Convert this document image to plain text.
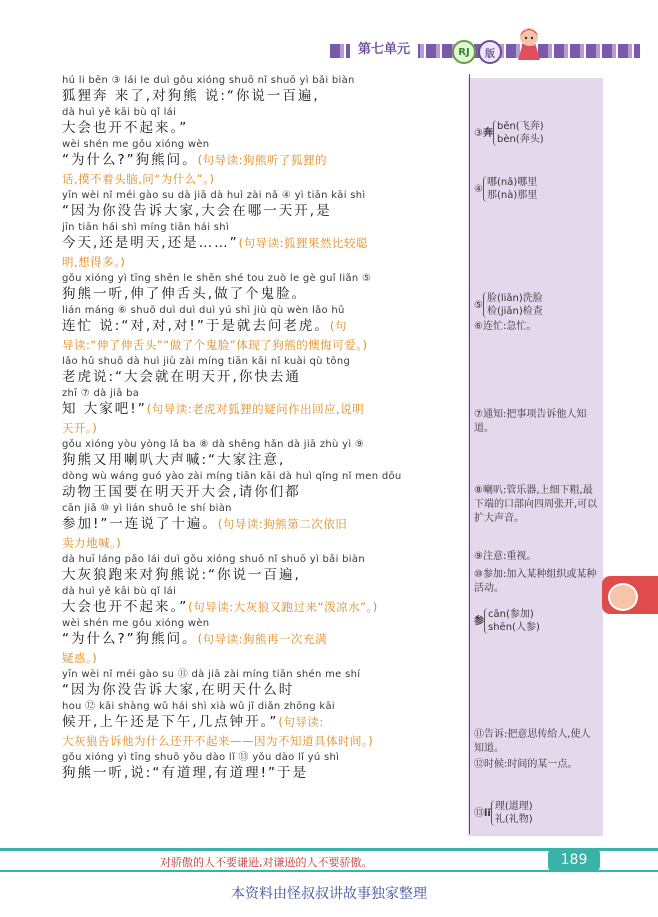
第七单元	RJ	版
hú li bēn ③ lái le duì gǒu xióng shuō nǐ shuō yì bǎi biàn
狐狸奔 来了,对狗熊 说:“你说一百遍,
dà huì yě kāi bù qǐ lái
大会也开不起来。”
wèi shén me gǒu xióng wèn
“为什么?”狗熊问。(句导读:狗熊听了狐狸的
话,摸不着头脑,问“为什么”。)
yīn wèi nǐ méi gào su dà jiā dà huì zài nǎ ④ yì tiān kāi shì
“因为你没告诉大家,大会在哪一天开,是
jīn tiān hái shì míng tiān hái shì
今天,还是明天,还是……”(句导读:狐狸果然比较聪
明,想得多。)
gǒu xióng yì tīng shēn le shēn shé tou zuò le gè guǐ liǎn ⑤
狗熊一听,伸了伸舌头,做了个鬼脸。
lián máng ⑥ shuō duì duì duì yú shì jiù qù wèn lǎo hǔ
连忙 说:“对,对,对!”于是就去问老虎。(句
导读:“伸了伸舌头”“做了个鬼脸”体现了狗熊的懊悔可爱。)
lǎo hǔ shuō dà huì jiù zài míng tiān kāi nǐ kuài qù tōng
老虎说:“大会就在明天开,你快去通
zhī ⑦ dà jiā ba
知 大家吧!”(句导读:老虎对狐狸的疑问作出回应,说明
天开。)
gǒu xióng yòu yòng lǎ ba ⑧ dà shēng hǎn dà jiā zhù yì ⑨
狗熊又用喇叭大声喊:“大家注意,
dòng wù wáng guó yào zài míng tiān kāi dà huì qǐng nǐ men dōu
动物王国要在明天开大会,请你们都
cān jiā ⑩ yì lián shuō le shí biàn
参加!”一连说了十遍。(句导读:狗熊第二次依旧
卖力地喊。)
dà huī láng pǎo lái duì gǒu xióng shuō nǐ shuō yì bǎi biàn
大灰狼跑来对狗熊说:“你说一百遍,
dà huì yě kāi bù qǐ lái
大会也开不起来。”(句导读:大灰狼又跑过来“泼凉水”。)
wèi shén me gǒu xióng wèn
“为什么?”狗熊问。(句导读:狗熊再一次充满
疑惑。)
yīn wèi nǐ méi gào su ⑪ dà jiā zài míng tiān shén me shí
“因为你没告诉大家,在明天什么时
hou ⑫ kāi shàng wǔ hái shì xià wǔ jǐ diǎn zhōng kāi
候开,上午还是下午,几点钟开。”(句导读:
大灰狼告诉他为什么还开不起来——因为不知道具体时间。)
gǒu xióng yì tīng shuō yǒu dào lǐ ⑬ yǒu dào lǐ yú shì
狗熊一听,说:“有道理,有道理!”于是
③奔
bēn(飞奔)
bèn(奔头)
④
哪(nǎ)哪里
那(nà)那里
⑤
脸(liǎn)洗脸
检(jiǎn)检查
⑥连忙:急忙。
⑦通知:把事项告诉他人知道。
⑧喇叭:管乐器,上细下粗,最下端的口部向四周张开,可以扩大声音。
⑨注意:重视。
⑩参加:加入某种组织或某种活动。
参
cān(参加)
shēn(人参)
⑪告诉:把意思传给人,使人知道。
⑫时候:时间的某一点。
⑬lǐ
理(道理)
礼(礼物)
对骄傲的人不要谦逊,对谦逊的人不要骄傲。	189
本资料由怪叔叔讲故事独家整理
